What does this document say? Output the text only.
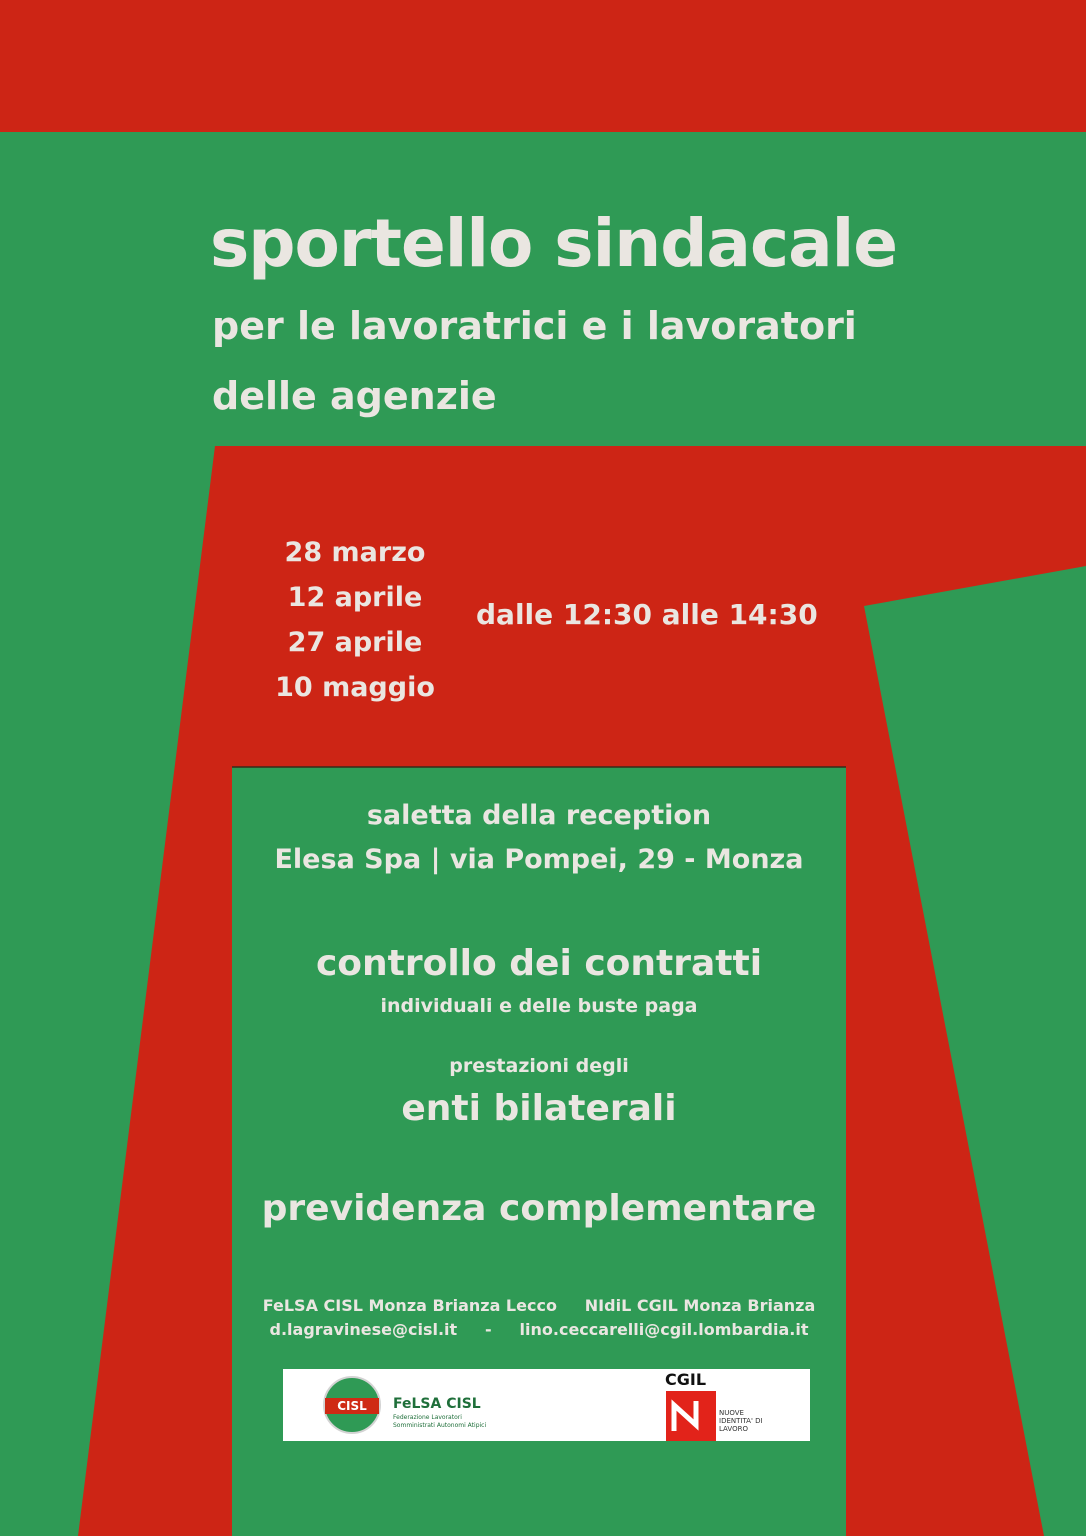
sportello sindacale
per le lavoratrici e i lavoratori
delle agenzie
28 marzo
12 aprile
27 aprile
10 maggio
dalle 12:30 alle 14:30
saletta della reception
Elesa Spa | via Pompei, 29 - Monza
controllo dei contratti
individuali e delle buste paga
prestazioni degli
enti bilaterali
previdenza complementare
FeLSA CISL Monza Brianza Lecco     NIdiL CGIL Monza Brianza
d.lagravinese@cisl.it     -     lino.ceccarelli@cgil.lombardia.it
CISL	FeLSA CISL
Federazione Lavoratori Somministrati Autonomi Atipici
CGIL
NUOVE IDENTITA' DI LAVORO
